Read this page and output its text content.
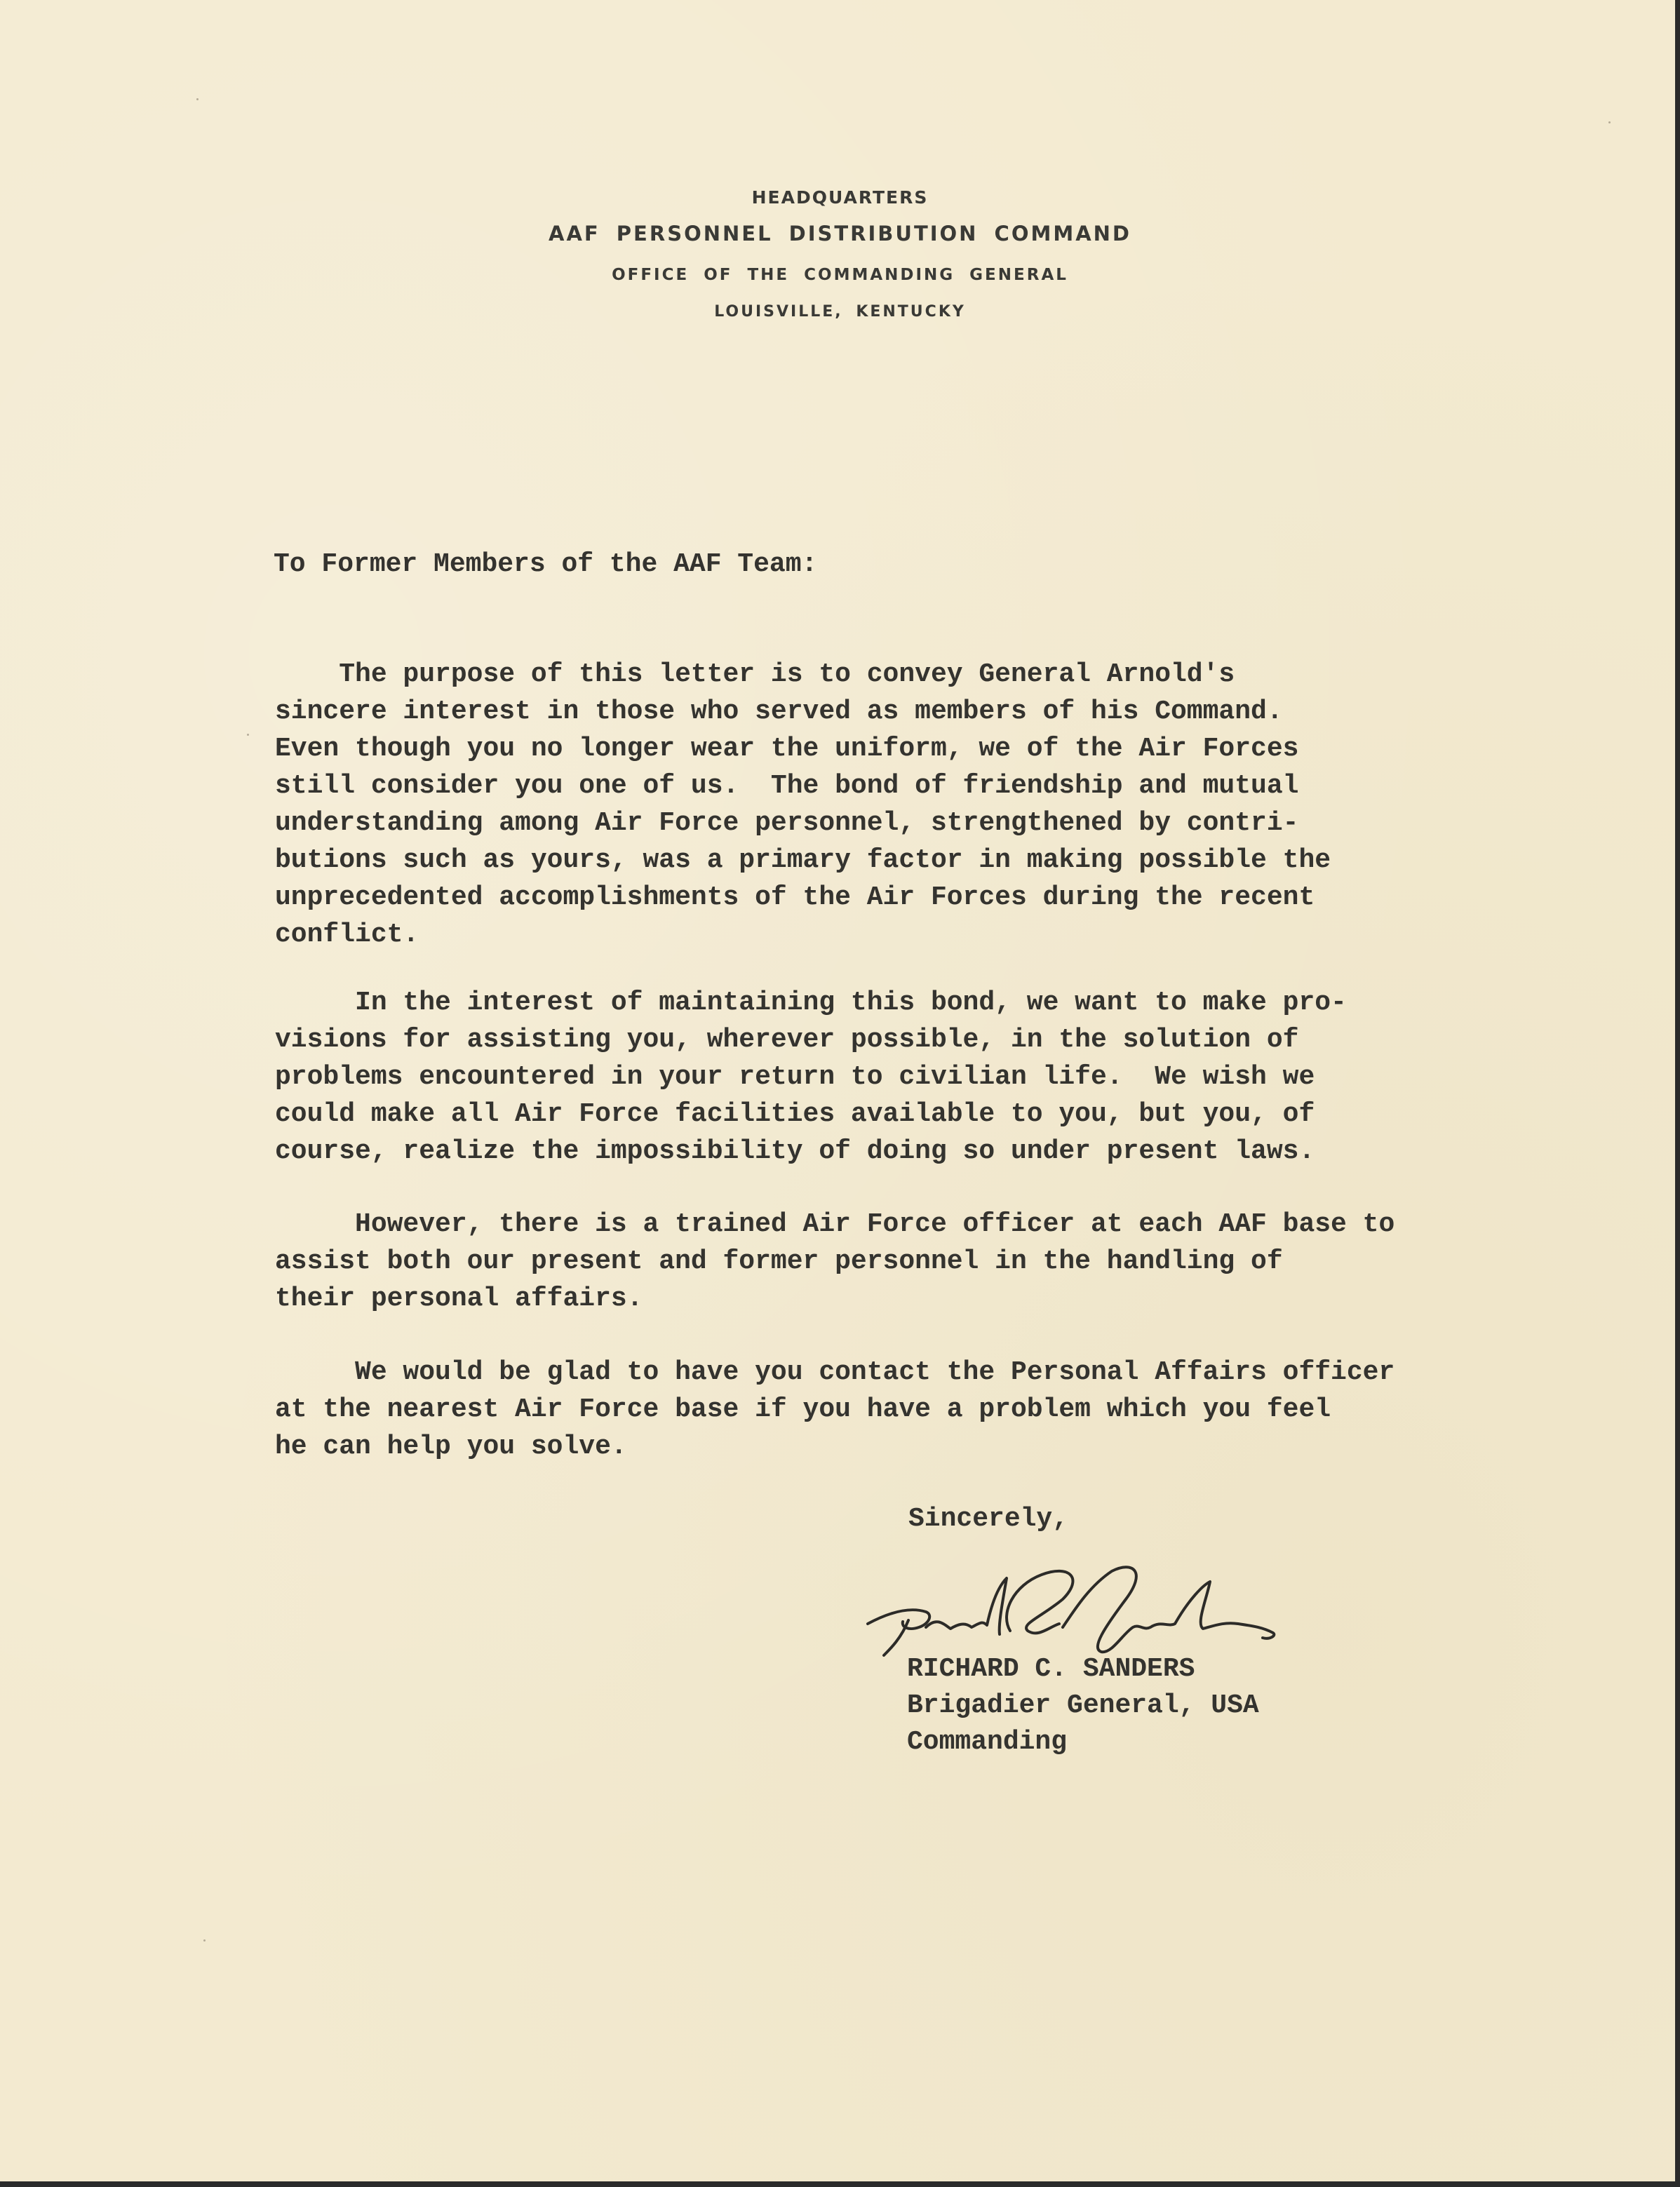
HEADQUARTERS
AAF PERSONNEL DISTRIBUTION COMMAND
OFFICE OF THE COMMANDING GENERAL
LOUISVILLE, KENTUCKY
To Former Members of the AAF Team:
The purpose of this letter is to convey General Arnold's
sincere interest in those who served as members of his Command.
Even though you no longer wear the uniform, we of the Air Forces
still consider you one of us.  The bond of friendship and mutual
understanding among Air Force personnel, strengthened by contri-
butions such as yours, was a primary factor in making possible the
unprecedented accomplishments of the Air Forces during the recent
conflict.
In the interest of maintaining this bond, we want to make pro-
visions for assisting you, wherever possible, in the solution of
problems encountered in your return to civilian life.  We wish we
could make all Air Force facilities available to you, but you, of
course, realize the impossibility of doing so under present laws.
However, there is a trained Air Force officer at each AAF base to
assist both our present and former personnel in the handling of
their personal affairs.
We would be glad to have you contact the Personal Affairs officer
at the nearest Air Force base if you have a problem which you feel
he can help you solve.
Sincerely,
RICHARD C. SANDERS
Brigadier General, USA
Commanding
